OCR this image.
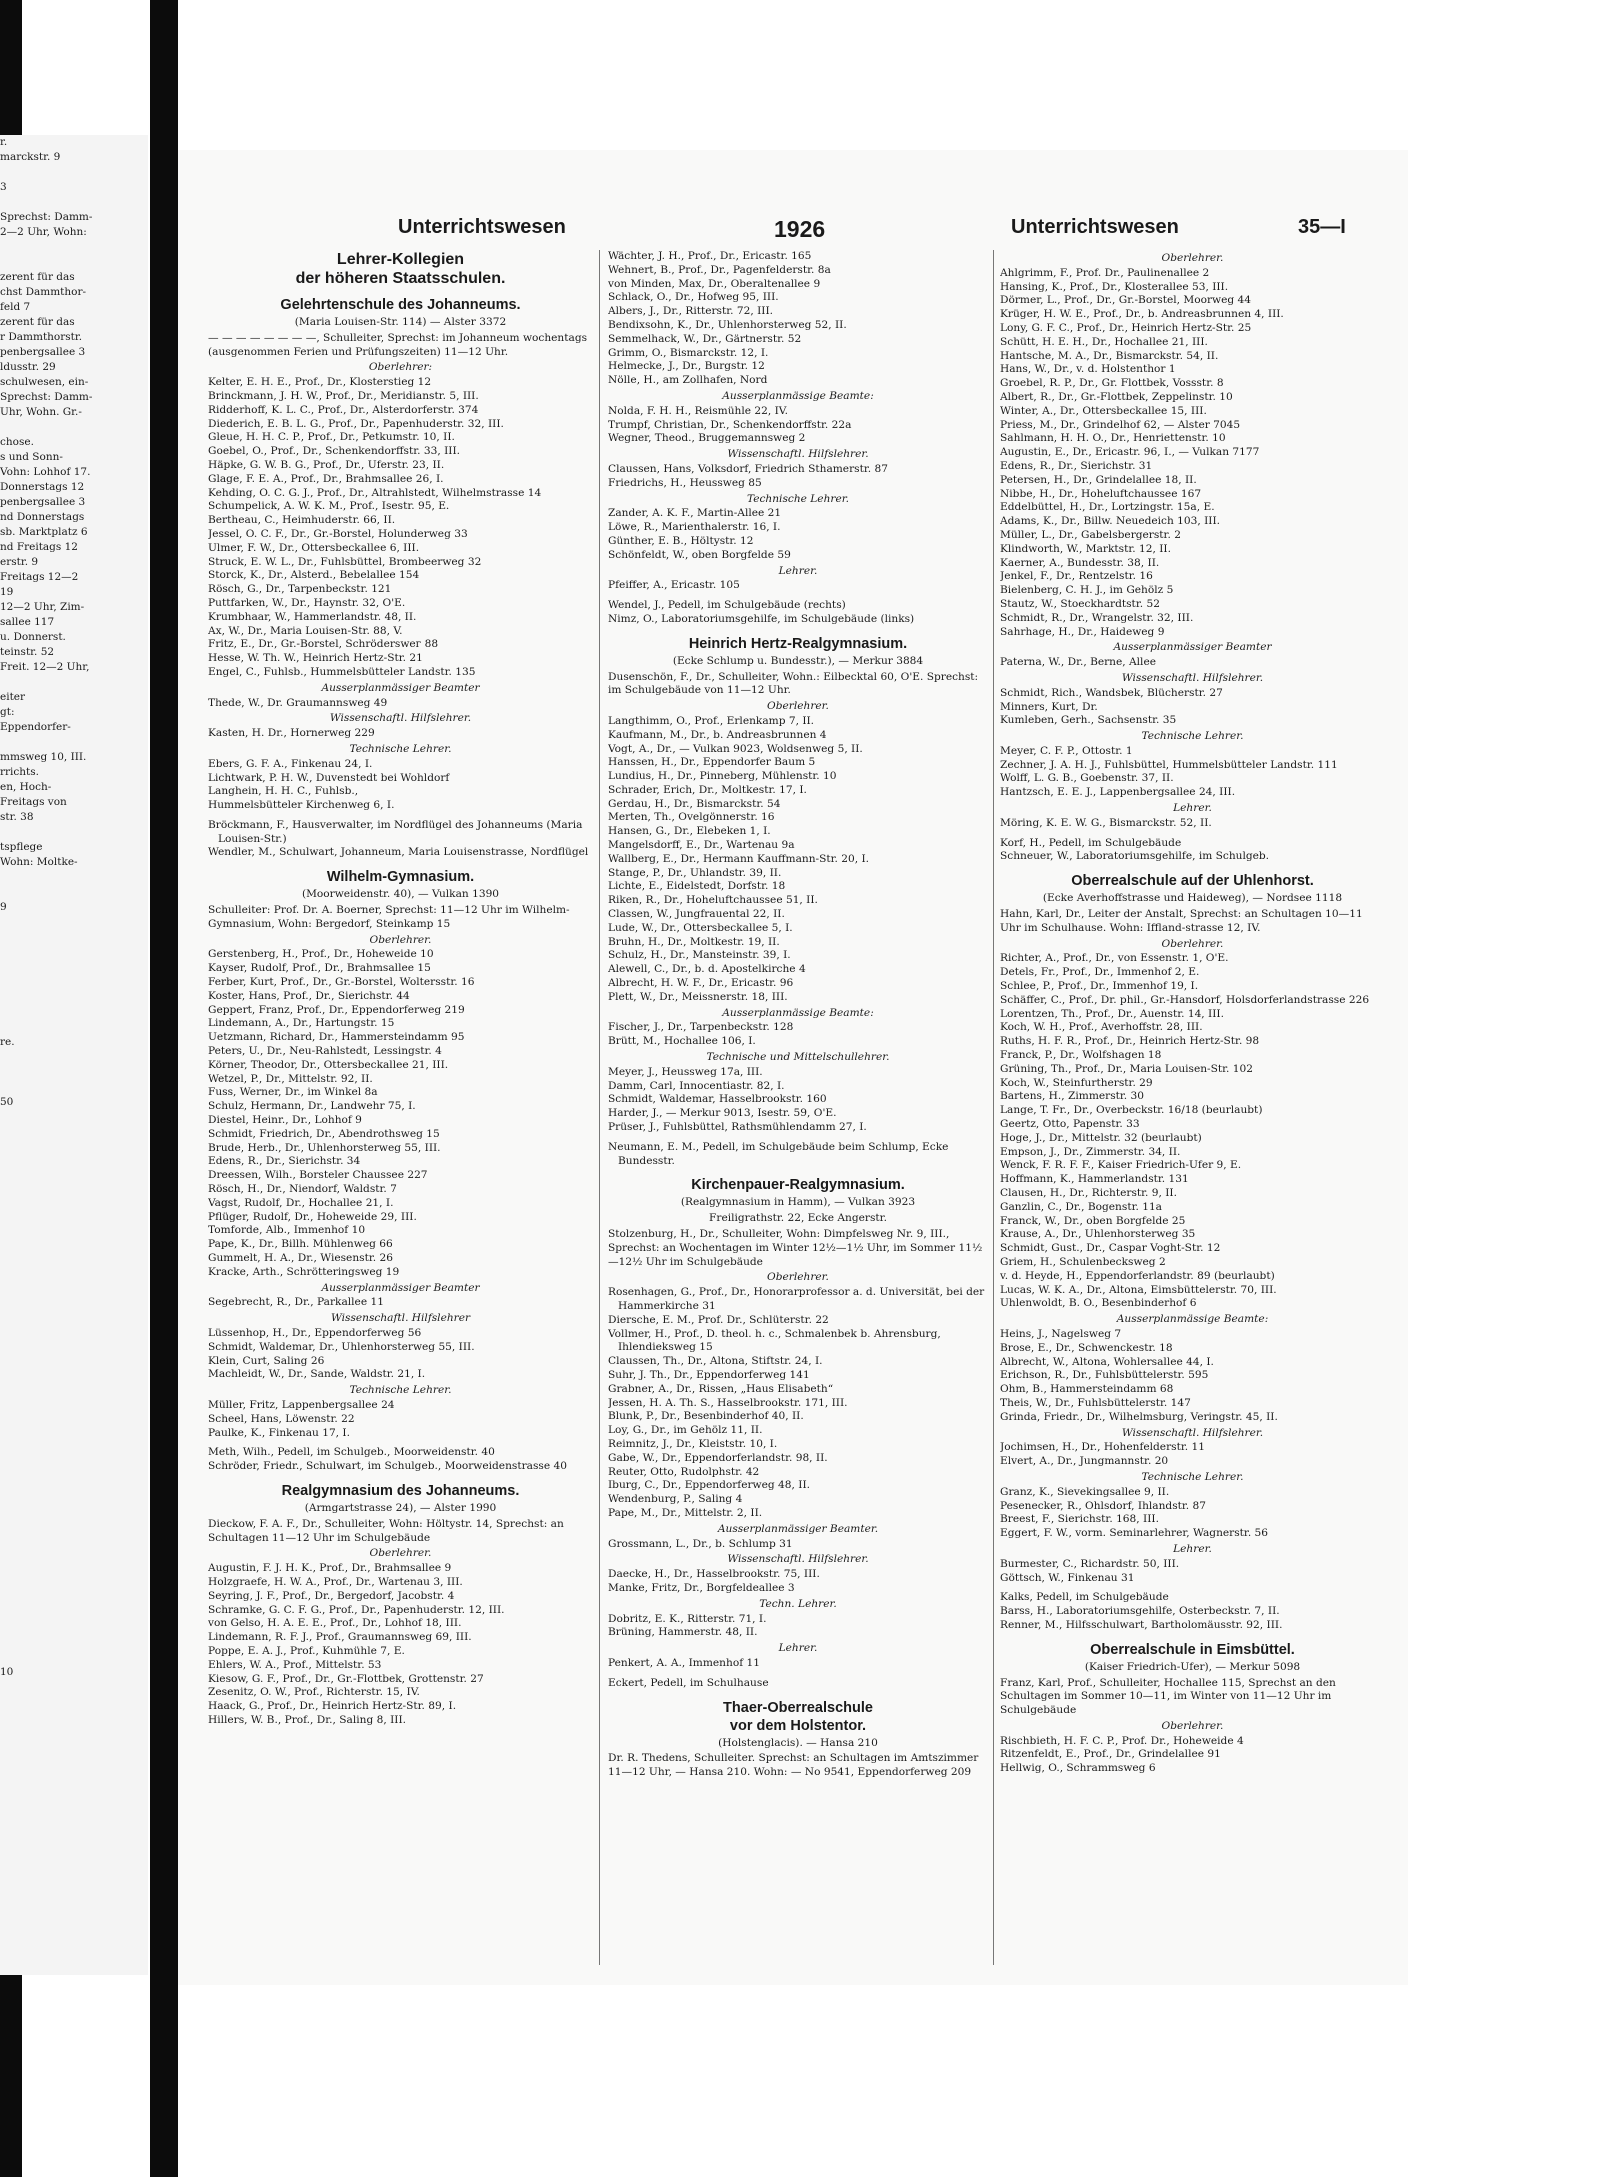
r.
marckstr. 9
3
Sprechst: Damm-
2—2 Uhr, Wohn:
zerent für das
chst Dammthor-
feld 7
zerent für das
r Dammthorstr.
penbergsallee 3
ldusstr. 29
schulwesen, ein-
Sprechst: Damm-
Uhr, Wohn. Gr.-
chose.
s und Sonn-
Vohn: Lohhof 17.
Donnerstags 12
penbergsallee 3
nd Donnerstags
sb. Marktplatz 6
nd Freitags 12
erstr. 9
Freitags 12—2
19
12—2 Uhr, Zim-
sallee 117
u. Donnerst.
teinstr. 52
Freit. 12—2 Uhr,
eiter
gt:
Eppendorfer-
mmsweg 10, III.
rrichts.
en, Hoch-
Freitags von
str. 38
tspflege
Wohn: Moltke-
9
re.
50
10
Unterrichtswesen	1926	Unterrichtswesen	35—I
Lehrer-Kollegien
der höheren Staatsschulen.
Gelehrtenschule des Johanneums.
(Maria Louisen-Str. 114) — Alster 3372
— — — — — — — —, Schulleiter, Sprechst: im Johanneum wochentags (ausgenommen Ferien und Prüfungszeiten) 11—12 Uhr.
Oberlehrer:
Kelter, E. H. E., Prof., Dr., Klosterstieg 12
Brinckmann, J. H. W., Prof., Dr., Meridianstr. 5, III.
Ridderhoff, K. L. C., Prof., Dr., Alsterdorferstr. 374
Diederich, E. B. L. G., Prof., Dr., Papenhuderstr. 32, III.
Gleue, H. H. C. P., Prof., Dr., Petkumstr. 10, II.
Goebel, O., Prof., Dr., Schenkendorffstr. 33, III.
Häpke, G. W. B. G., Prof., Dr., Uferstr. 23, II.
Glage, F. E. A., Prof., Dr., Brahmsallee 26, I.
Kehding, O. C. G. J., Prof., Dr., Altrahlstedt, Wilhelmstrasse 14
Schumpelick, A. W. K. M., Prof., Isestr. 95, E.
Bertheau, C., Heimhuderstr. 66, II.
Jessel, O. C. F., Dr., Gr.-Borstel, Holunderweg 33
Ulmer, F. W., Dr., Ottersbeckallee 6, III.
Struck, E. W. L., Dr., Fuhlsbüttel, Brombeerweg 32
Storck, K., Dr., Alsterd., Bebelallee 154
Rösch, G., Dr., Tarpenbeckstr. 121
Puttfarken, W., Dr., Haynstr. 32, O'E.
Krumbhaar, W., Hammerlandstr. 48, II.
Ax, W., Dr., Maria Louisen-Str. 88, V.
Fritz, E., Dr., Gr.-Borstel, Schröderswег 88
Hesse, W. Th. W., Heinrich Hertz-Str. 21
Engel, C., Fuhlsb., Hummelsbütteler Landstr. 135
Ausserplanmässiger Beamter
Thede, W., Dr. Graumannsweg 49
Wissenschaftl. Hilfslehrer.
Kasten, H. Dr., Hornerweg 229
Technische Lehrer.
Ebers, G. F. A., Finkenau 24, I.
Lichtwark, P. H. W., Duvenstedt bei Wohldorf
Langhein, H. H. C., Fuhlsb.,
Hummelsbütteler Kirchenweg 6, I.
Bröckmann, F., Hausverwalter, im Nordflügel des Johanneums (Maria Louisen-Str.)
Wendler, M., Schulwart, Johanneum, Maria Louisenstrasse, Nordflügel
Wilhelm-Gymnasium.
(Moorweidenstr. 40), — Vulkan 1390
Schulleiter: Prof. Dr. A. Boerner, Sprechst: 11—12 Uhr im Wilhelm-Gymnasium, Wohn: Bergedorf, Steinkamp 15
Oberlehrer.
Gerstenberg, H., Prof., Dr., Hoheweide 10
Kayser, Rudolf, Prof., Dr., Brahmsallee 15
Ferber, Kurt, Prof., Dr., Gr.-Borstel, Woltersstr. 16
Koster, Hans, Prof., Dr., Sierichstr. 44
Geppert, Franz, Prof., Dr., Eppendorferweg 219
Lindemann, A., Dr., Hartungstr. 15
Uetzmann, Richard, Dr., Hammersteindamm 95
Peters, U., Dr., Neu-Rahlstedt, Lessingstr. 4
Körner, Theodor, Dr., Ottersbeckallee 21, III.
Wetzel, P., Dr., Mittelstr. 92, II.
Fuss, Werner, Dr., im Winkel 8a
Schulz, Hermann, Dr., Landwehr 75, I.
Diestel, Heinr., Dr., Lohhof 9
Schmidt, Friedrich, Dr., Abendrothsweg 15
Brude, Herb., Dr., Uhlenhorsterweg 55, III.
Edens, R., Dr., Sierichstr. 34
Dreessen, Wilh., Borsteler Chaussee 227
Rösch, H., Dr., Niendorf, Waldstr. 7
Vagst, Rudolf, Dr., Hochallee 21, I.
Pflüger, Rudolf, Dr., Hoheweide 29, III.
Tomforde, Alb., Immenhof 10
Pape, K., Dr., Billh. Mühlenweg 66
Gummelt, H. A., Dr., Wiesenstr. 26
Kracke, Arth., Schrötteringsweg 19
Ausserplanmässiger Beamter
Segebrecht, R., Dr., Parkallee 11
Wissenschaftl. Hilfslehrer
Lüssenhop, H., Dr., Eppendorferweg 56
Schmidt, Waldemar, Dr., Uhlenhorsterweg 55, III.
Klein, Curt, Saling 26
Machleidt, W., Dr., Sande, Waldstr. 21, I.
Technische Lehrer.
Müller, Fritz, Lappenbergsallee 24
Scheel, Hans, Löwenstr. 22
Paulke, K., Finkenau 17, I.
Meth, Wilh., Pedell, im Schulgeb., Moorweidenstr. 40
Schröder, Friedr., Schulwart, im Schulgeb., Moorweidenstrasse 40
Realgymnasium des Johanneums.
(Armgartstrasse 24), — Alster 1990
Dieckow, F. A. F., Dr., Schulleiter, Wohn: Höltystr. 14, Sprechst: an Schultagen 11—12 Uhr im Schulgebäude
Oberlehrer.
Augustin, F. J. H. K., Prof., Dr., Brahmsallee 9
Holzgraefe, H. W. A., Prof., Dr., Wartenau 3, III.
Seyring, J. F., Prof., Dr., Bergedorf, Jacobstr. 4
Schramke, G. C. F. G., Prof., Dr., Papenhuderstr. 12, III.
von Gelso, H. A. E. E., Prof., Dr., Lohhof 18, III.
Lindemann, R. F. J., Prof., Graumannsweg 69, III.
Poppe, E. A. J., Prof., Kuhmühle 7, E.
Ehlers, W. A., Prof., Mittelstr. 53
Kiesow, G. F., Prof., Dr., Gr.-Flottbek, Grottenstr. 27
Zesenitz, O. W., Prof., Richterstr. 15, IV.
Haack, G., Prof., Dr., Heinrich Hertz-Str. 89, I.
Hillers, W. B., Prof., Dr., Saling 8, III.
Wächter, J. H., Prof., Dr., Ericastr. 165
Wehnert, B., Prof., Dr., Pagenfelderstr. 8a
von Minden, Max, Dr., Oberaltenallee 9
Schlack, O., Dr., Hofweg 95, III.
Albers, J., Dr., Ritterstr. 72, III.
Bendixsohn, K., Dr., Uhlenhorsterweg 52, II.
Semmelhack, W., Dr., Gärtnerstr. 52
Grimm, O., Bismarckstr. 12, I.
Helmecke, J., Dr., Burgstr. 12
Nölle, H., am Zollhafen, Nord
Ausserplanmässige Beamte:
Nolda, F. H. H., Reismühle 22, IV.
Trumpf, Christian, Dr., Schenkendorffstr. 22a
Wegner, Theod., Bruggemannsweg 2
Wissenschaftl. Hilfslehrer.
Claussen, Hans, Volksdorf, Friedrich Sthamerstr. 87
Friedrichs, H., Heussweg 85
Technische Lehrer.
Zander, A. K. F., Martin-Allee 21
Löwe, R., Marienthalerstr. 16, I.
Günther, E. B., Höltystr. 12
Schönfeldt, W., oben Borgfelde 59
Lehrer.
Pfeiffer, A., Ericastr. 105
Wendel, J., Pedell, im Schulgebäude (rechts)
Nimz, O., Laboratoriumsgehilfe, im Schulgebäude (links)
Heinrich Hertz-Realgymnasium.
(Ecke Schlump u. Bundesstr.), — Merkur 3884
Dusenschön, F., Dr., Schulleiter, Wohn.: Eilbecktal 60, O'E. Sprechst: im Schulgebäude von 11—12 Uhr.
Oberlehrer.
Langthimm, O., Prof., Erlenkamp 7, II.
Kaufmann, M., Dr., b. Andreasbrunnen 4
Vogt, A., Dr., — Vulkan 9023, Woldsenweg 5, II.
Hanssen, H., Dr., Eppendorfer Baum 5
Lundius, H., Dr., Pinneberg, Mühlenstr. 10
Schrader, Erich, Dr., Moltkestr. 17, I.
Gerdau, H., Dr., Bismarckstr. 54
Merten, Th., Ovelgönnerstr. 16
Hansen, G., Dr., Elebeken 1, I.
Mangelsdorff, E., Dr., Wartenau 9a
Wallberg, E., Dr., Hermann Kauffmann-Str. 20, I.
Stange, P., Dr., Uhlandstr. 39, II.
Lichte, E., Eidelstedt, Dorfstr. 18
Riken, R., Dr., Hoheluftchaussee 51, II.
Classen, W., Jungfrauental 22, II.
Lude, W., Dr., Ottersbeckallee 5, I.
Bruhn, H., Dr., Moltkestr. 19, II.
Schulz, H., Dr., Mansteinstr. 39, I.
Alewell, C., Dr., b. d. Apostelkirche 4
Albrecht, H. W. F., Dr., Ericastr. 96
Plett, W., Dr., Meissnerstr. 18, III.
Ausserplanmässige Beamte:
Fischer, J., Dr., Tarpenbeckstr. 128
Brütt, M., Hochallee 106, I.
Technische und Mittelschullehrer.
Meyer, J., Heussweg 17a, III.
Damm, Carl, Innocentiastr. 82, I.
Schmidt, Waldemar, Hasselbrookstr. 160
Harder, J., — Merkur 9013, Isestr. 59, O'E.
Prüser, J., Fuhlsbüttel, Rathsmühlendamm 27, I.
Neumann, E. M., Pedell, im Schulgebäude beim Schlump, Ecke Bundesstr.
Kirchenpauer-Realgymnasium.
(Realgymnasium in Hamm), — Vulkan 3923
Freiligrathstr. 22, Ecke Angerstr.
Stolzenburg, H., Dr., Schulleiter, Wohn: Dimpfelsweg Nr. 9, III., Sprechst: an Wochentagen im Winter 12½—1½ Uhr, im Sommer 11½—12½ Uhr im Schulgebäude
Oberlehrer.
Rosenhagen, G., Prof., Dr., Honorarprofessor a. d. Universität, bei der Hammerkirche 31
Diersche, E. M., Prof. Dr., Schlüterstr. 22
Vollmer, H., Prof., D. theol. h. c., Schmalenbek b. Ahrensburg, Ihlendieksweg 15
Claussen, Th., Dr., Altona, Stiftstr. 24, I.
Suhr, J. Th., Dr., Eppendorferweg 141
Grabner, A., Dr., Rissen, „Haus Elisabeth“
Jessen, H. A. Th. S., Hasselbrookstr. 171, III.
Blunk, P., Dr., Besenbinderhof 40, II.
Loy, G., Dr., im Gehölz 11, II.
Reimnitz, J., Dr., Kleiststr. 10, I.
Gabe, W., Dr., Eppendorferlandstr. 98, II.
Reuter, Otto, Rudolphstr. 42
Iburg, C., Dr., Eppendorferweg 48, II.
Wendenburg, P., Saling 4
Pape, M., Dr., Mittelstr. 2, II.
Ausserplanmässiger Beamter.
Grossmann, L., Dr., b. Schlump 31
Wissenschaftl. Hilfslehrer.
Daecke, H., Dr., Hasselbrookstr. 75, III.
Manke, Fritz, Dr., Borgfeldeallee 3
Techn. Lehrer.
Dobritz, E. K., Ritterstr. 71, I.
Brüning, Hammerstr. 48, II.
Lehrer.
Penkert, A. A., Immenhof 11
Eckert, Pedell, im Schulhause
Thaer-Oberrealschule
vor dem Holstentor.
(Holstenglacis). — Hansa 210
Dr. R. Thedens, Schulleiter. Sprechst: an Schultagen im Amtszimmer 11—12 Uhr, — Hansa 210. Wohn: — No 9541, Eppendorferweg 209
Oberlehrer.
Ahlgrimm, F., Prof. Dr., Paulinenallee 2
Hansing, K., Prof., Dr., Klosterallee 53, III.
Dörmer, L., Prof., Dr., Gr.-Borstel, Moorweg 44
Krüger, H. W. E., Prof., Dr., b. Andreasbrunnen 4, III.
Lony, G. F. C., Prof., Dr., Heinrich Hertz-Str. 25
Schütt, H. E. H., Dr., Hochallee 21, III.
Hantsche, M. A., Dr., Bismarckstr. 54, II.
Hans, W., Dr., v. d. Holstenthor 1
Groebel, R. P., Dr., Gr. Flottbek, Vossstr. 8
Albert, R., Dr., Gr.-Flottbek, Zeppelinstr. 10
Winter, A., Dr., Ottersbeckallee 15, III.
Priess, M., Dr., Grindelhof 62, — Alster 7045
Sahlmann, H. H. O., Dr., Henriettenstr. 10
Augustin, E., Dr., Ericastr. 96, I., — Vulkan 7177
Edens, R., Dr., Sierichstr. 31
Petersen, H., Dr., Grindelallee 18, II.
Nibbe, H., Dr., Hoheluftchaussee 167
Eddelbüttel, H., Dr., Lortzingstr. 15a, E.
Adams, K., Dr., Billw. Neuedeich 103, III.
Müller, L., Dr., Gabelsbergerstr. 2
Klindworth, W., Marktstr. 12, II.
Kaerner, A., Bundesstr. 38, II.
Jenkel, F., Dr., Rentzelstr. 16
Bielenberg, C. H. J., im Gehölz 5
Stautz, W., Stoeckhardtstr. 52
Schmidt, R., Dr., Wrangelstr. 32, III.
Sahrhage, H., Dr., Haideweg 9
Ausserplanmässiger Beamter
Paterna, W., Dr., Berne, Allee
Wissenschaftl. Hilfslehrer.
Schmidt, Rich., Wandsbek, Blücherstr. 27
Minners, Kurt, Dr.
Kumleben, Gerh., Sachsenstr. 35
Technische Lehrer.
Meyer, C. F. P., Ottostr. 1
Zechner, J. A. H. J., Fuhlsbüttel, Hummelsbütteler Landstr. 111
Wolff, L. G. B., Goebenstr. 37, II.
Hantzsch, E. E. J., Lappenbergsallee 24, III.
Lehrer.
Möring, K. E. W. G., Bismarckstr. 52, II.
Korf, H., Pedell, im Schulgebäude
Schneuer, W., Laboratoriumsgehilfe, im Schulgeb.
Oberrealschule auf der Uhlenhorst.
(Ecke Averhoffstrasse und Haideweg), — Nordsee 1118
Hahn, Karl, Dr., Leiter der Anstalt, Sprechst: an Schultagen 10—11 Uhr im Schulhause. Wohn: Iffland-strasse 12, IV.
Oberlehrer.
Richter, A., Prof., Dr., von Essenstr. 1, O'E.
Detels, Fr., Prof., Dr., Immenhof 2, E.
Schlee, P., Prof., Dr., Immenhof 19, I.
Schäffer, C., Prof., Dr. phil., Gr.-Hansdorf, Holsdorferlandstrasse 226
Lorentzen, Th., Prof., Dr., Auenstr. 14, III.
Koch, W. H., Prof., Averhoffstr. 28, III.
Ruths, H. F. R., Prof., Dr., Heinrich Hertz-Str. 98
Franck, P., Dr., Wolfshagen 18
Grüning, Th., Prof., Dr., Maria Louisen-Str. 102
Koch, W., Steinfurtherstr. 29
Bartens, H., Zimmerstr. 30
Lange, T. Fr., Dr., Overbeckstr. 16/18 (beurlaubt)
Geertz, Otto, Papenstr. 33
Hoge, J., Dr., Mittelstr. 32 (beurlaubt)
Empson, J., Dr., Zimmerstr. 34, II.
Wenck, F. R. F. F., Kaiser Friedrich-Ufer 9, E.
Hoffmann, K., Hammerlandstr. 131
Clausen, H., Dr., Richterstr. 9, II.
Ganzlin, C., Dr., Bogenstr. 11a
Franck, W., Dr., oben Borgfelde 25
Krause, A., Dr., Uhlenhorsterweg 35
Schmidt, Gust., Dr., Caspar Voght-Str. 12
Griem, H., Schulenbecksweg 2
v. d. Heyde, H., Eppendorferlandstr. 89 (beurlaubt)
Lucas, W. K. A., Dr., Altona, Eimsbüttelerstr. 70, III.
Uhlenwoldt, B. O., Besenbinderhof 6
Ausserplanmässige Beamte:
Heins, J., Nagelsweg 7
Brose, E., Dr., Schwenckestr. 18
Albrecht, W., Altona, Wohlersallee 44, I.
Erichson, R., Dr., Fuhlsbüttelerstr. 595
Ohm, B., Hammersteindamm 68
Theis, W., Dr., Fuhlsbüttelerstr. 147
Grinda, Friedr., Dr., Wilhelmsburg, Veringstr. 45, II.
Wissenschaftl. Hilfslehrer.
Jochimsen, H., Dr., Hohenfelderstr. 11
Elvert, A., Dr., Jungmannstr. 20
Technische Lehrer.
Granz, K., Sievekingsallee 9, II.
Pesenecker, R., Ohlsdorf, Ihlandstr. 87
Breest, F., Sierichstr. 168, III.
Eggert, F. W., vorm. Seminarlehrer, Wagnerstr. 56
Lehrer.
Burmester, C., Richardstr. 50, III.
Göttsch, W., Finkenau 31
Kalks, Pedell, im Schulgebäude
Barss, H., Laboratoriumsgehilfe, Osterbeckstr. 7, II.
Renner, M., Hilfsschulwart, Bartholomäusstr. 92, III.
Oberrealschule in Eimsbüttel.
(Kaiser Friedrich-Ufer), — Merkur 5098
Franz, Karl, Prof., Schulleiter, Hochallee 115, Sprechst an den Schultagen im Sommer 10—11, im Winter von 11—12 Uhr im Schulgebäude
Oberlehrer.
Rischbieth, H. F. C. P., Prof. Dr., Hoheweide 4
Ritzenfeldt, E., Prof., Dr., Grindelallee 91
Hellwig, O., Schrammsweg 6
